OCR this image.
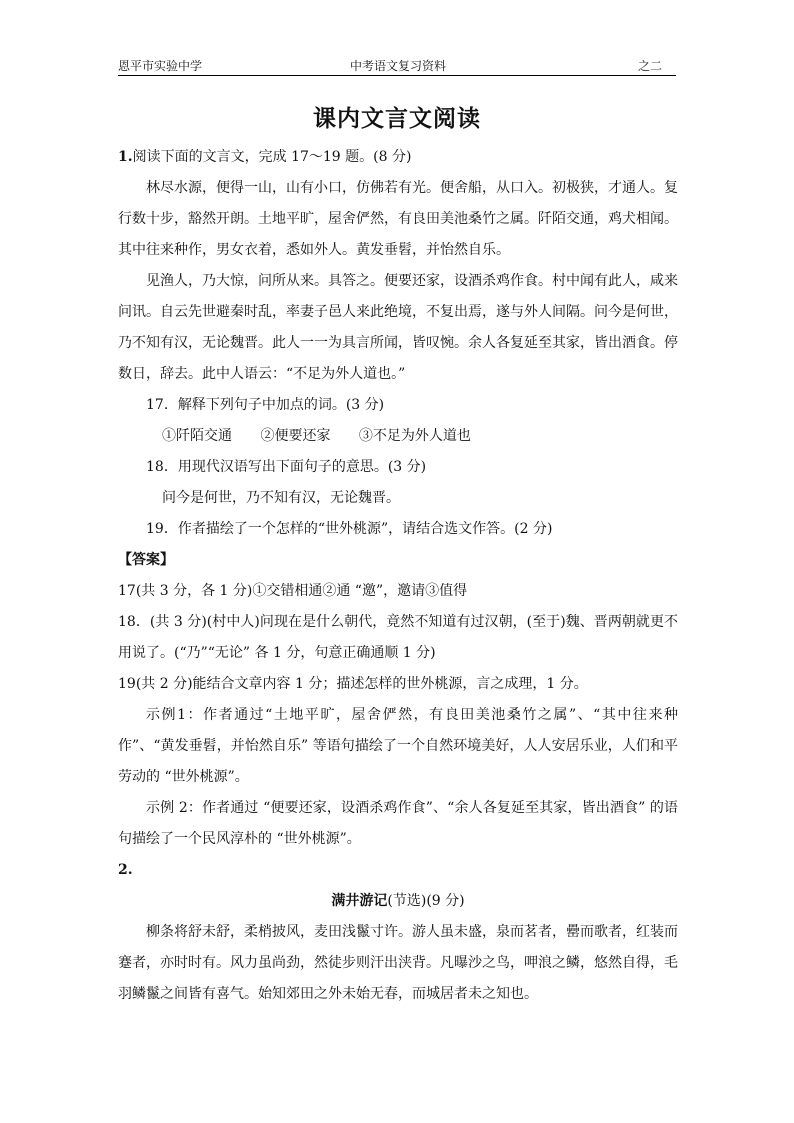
恩平市实验中学	中考语文复习资料	之二
课内文言文阅读

1.阅读下面的文言文，完成 17～19 题。(8 分)

林尽水源，便得一山，山有小口，仿佛若有光。便舍船，从口入。初极狭，才通人。复行数十步，豁然开朗。土地平旷，屋舍俨然，有良田美池桑竹之属。阡陌交通，鸡犬相闻。其中往来种作，男女衣着，悉如外人。黄发垂髫，并怡然自乐。

见渔人，乃大惊，问所从来。具答之。便要还家，设酒杀鸡作食。村中闻有此人，咸来问讯。自云先世避秦时乱，率妻子邑人来此绝境，不复出焉，遂与外人间隔。问今是何世，乃不知有汉，无论魏晋。此人一一为具言所闻，皆叹惋。余人各复延至其家，皆出酒食。停数日，辞去。此中人语云：“不足为外人道也。”

17．解释下列句子中加点的词。(3 分)

①阡陌交通 ②便要还家 ③不足为外人道也

18．用现代汉语写出下面句子的意思。(3 分)

问今是何世，乃不知有汉，无论魏晋。

19．作者描绘了一个怎样的“世外桃源”，请结合选文作答。(2 分)

【答案】

17(共 3 分，各 1 分)①交错相通②通 “邀”，邀请③值得

18．(共 3 分)(村中人)问现在是什么朝代，竟然不知道有过汉朝，(至于)魏、晋两朝就更不用说了。(“乃”“无论” 各 1 分，句意正确通顺 1 分)

19(共 2 分)能结合文章内容 1 分；描述怎样的世外桃源，言之成理，1 分。

示例1：作者通过“土地平旷，屋舍俨然，有良田美池桑竹之属”、“其中往来种作”、“黄发垂髫，并怡然自乐” 等语句描绘了一个自然环境美好，人人安居乐业，人们和平劳动的 “世外桃源”。

示例 2：作者通过 “便要还家，设酒杀鸡作食”、“余人各复延至其家，皆出酒食” 的语句描绘了一个民风淳朴的 “世外桃源”。

2.

满井游记(节选)(9 分)

柳条将舒未舒，柔梢披风，麦田浅鬣寸许。游人虽未盛，泉而茗者，罍而歌者，红装而蹇者，亦时时有。风力虽尚劲，然徒步则汗出浃背。凡曝沙之鸟，呷浪之鳞，悠然自得，毛羽鳞鬣之间皆有喜气。始知郊田之外未始无春，而城居者未之知也。
